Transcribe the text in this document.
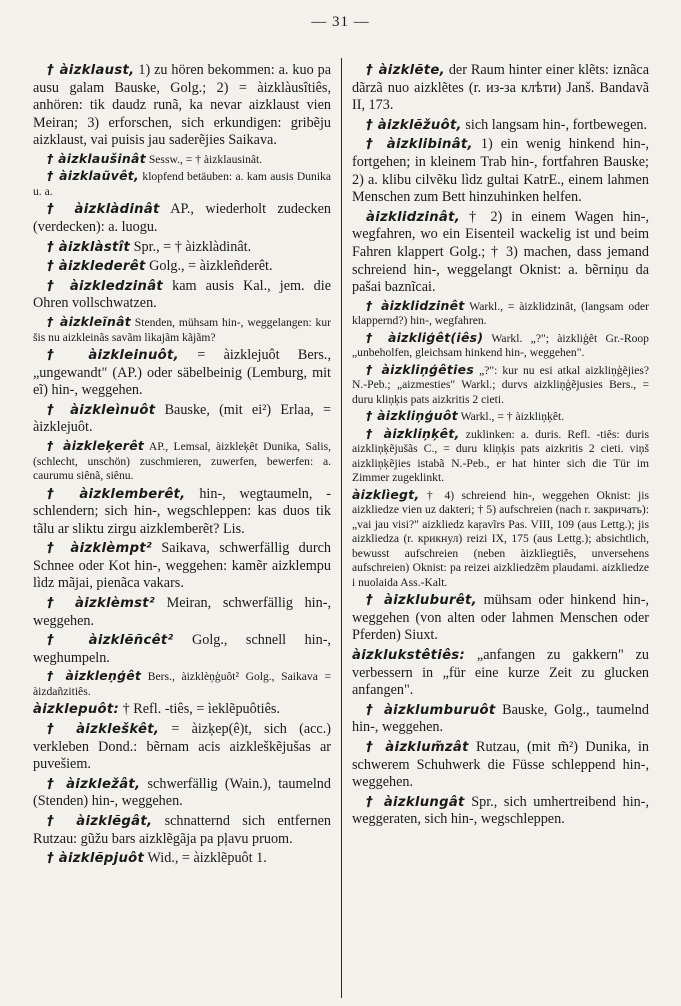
— 31 —

† àizklaust, 1) zu hören bekommen: a. kuo pa ausu galam Bauske, Golg.; 2) = àizklàusîtiês, anhören: tik daudz runã, ka nevar aizklaust vien Meiran; 3) erforschen, sich erkundigen: gribẽju aizklaust, vai puisis jau saderẽjies Saikava.

† àizklaušinât Sessw., = † àizklausinât.

† àizklaũvêt, klopfend betäuben: a. kam ausis Dunika u. a.

† àizklàdinât AP., wiederholt zudecken (verdecken): a. luogu.

† àizklàstît Spr., = † àizklàdinât.

† àizklederêt Golg., = àizkleñderêt.

† àizkledzinât kam ausis Kal., jem. die Ohren vollschwatzen.

† àizkleĩnât Stenden, mühsam hin-, weggelangen: kur šis nu aizkleinãs savãm lìkajãm kãjãm?

† àizkleinuôt, = àizklejuôt Bers., „ungewandt" (AP.) oder säbelbeinig (Lemburg, mit eĩ) hin-, weggehen.

† àizkleìnuôt Bauske, (mit ei²) Erlaa, = àizklejuôt.

† àizkleķerêt AP., Lemsal, àizkleķêt Dunika, Salis, (schlecht, unschön) zuschmieren, zuwerfen, bewerfen: a. caurumu siênã, siênu.

† àizklemberêt, hin-, wegtaumeln, -schlendern; sich hin-, wegschleppen: kas duos tik tãlu ar sliktu zirgu aizklemberẽt? Lis.

† àizklèmpt² Saikava, schwerfällig durch Schnee oder Kot hin-, weggehen: kamẽr aizklempu lìdz mãjai, pienãca vakars.

† àizklèmst² Meiran, schwerfällig hin-, weggehen.

† àizklẽñcêt² Golg., schnell hin-, weghumpeln.

† àizkleņģêt Bers., àizklèņģuôt² Golg., Saikava = àizdañzitiês.

àizklepuôt: † Refl. -tiês, = ìeklẽpuôtiês.

† àizkleškêt, = àizķep(ê)t, sich (acc.) verkleben Dond.: bẽrnam acis aizkleškẽjušas ar puvešiem.

† àizkležât, schwerfällig (Wain.), taumelnd (Stenden) hin-, weggehen.

† àizklẽgât, schnatternd sich entfernen Rutzau: gũžu bars aizklẽgãja pa pļavu pruom.

† àizklẽpjuôt Wid., = àizklẽpuôt 1.

† àizklẽte, der Raum hinter einer klẽts: iznãca dãrzã nuo aizklẽtes (r. из-за клѣти) Janš. Bandavã II, 173.

† àizklẽžuôt, sich langsam hin-, fortbewegen.

† àizklibinât, 1) ein wenig hinkend hin-, fortgehen; in kleinem Trab hin-, fortfahren Bauske; 2) a. klibu cilvẽku lìdz gultai KatrE., einem lahmen Menschen zum Bett hinzuhinken helfen.

àizklidzinât, † 2) in einem Wagen hin-, wegfahren, wo ein Eisenteil wackelig ist und beim Fahren klappert Golg.; † 3) machen, dass jemand schreiend hin-, weggelangt Oknist: a. bẽrniņu da pašai baznĩcai.

† àizklidzinêt Warkl., = àizklidzinât, (langsam oder klappernd?) hin-, wegfahren.

† àizkliģêt(iês) Warkl. „?"; àizkliģêt Gr.-Roop „unbeholfen, gleichsam hinkend hin-, weggehen".

† àizkliņģêties „?": kur nu esi atkal aizkliņģẽjies? N.-Peb.; „aizmesties" Warkl.; durvs aizkliņģẽjusies Bers., = duru kliņķis pats aizkritis 2 cieti.

† àizkliņģuôt Warkl., = † àizkliņķêt.

† àizkliņķêt, zuklinken: a. duris. Refl. -tiês: duris aizkliņķẽjušãs C., = duru kliņķis pats aizkritis 2 cieti. viņš aizkliņķẽjies istabã N.-Peb., er hat hinter sich die Tür im Zimmer zugeklinkt.

àizklìegt, † 4) schreiend hin-, weggehen Oknist: jis aizkliedze vien uz dakteri; † 5) aufschreien (nach r. закричать): „vai jau visi?" aizkliedz kaŗavĩrs Pas. VIII, 109 (aus Lettg.); jis aizkliedza (r. крикнул) reizi IX, 175 (aus Lettg.); absichtlich, bewusst aufschreien (neben àizklìegtiês, unversehens aufschreien) Oknist: pa reizei aizkliedzẽm plaudami. aizkliedze i nuolaida Ass.-Kalt.

† àizkluburêt, mühsam oder hinkend hin-, weggehen (von alten oder lahmen Menschen oder Pferden) Siuxt.

àizklukstêtiês: „anfangen zu gakkern" zu verbessern in „für eine kurze Zeit zu glucken anfangen".

† àizklumburuôt Bauske, Golg., taumelnd hin-, weggehen.

† àizklum̃zât Rutzau, (mit m̃²) Dunika, in schwerem Schuhwerk die Füsse schleppend hin-, weggehen.

† àizklungât Spr., sich umhertreibend hin-, weggeraten, sich hin-, wegschleppen.
